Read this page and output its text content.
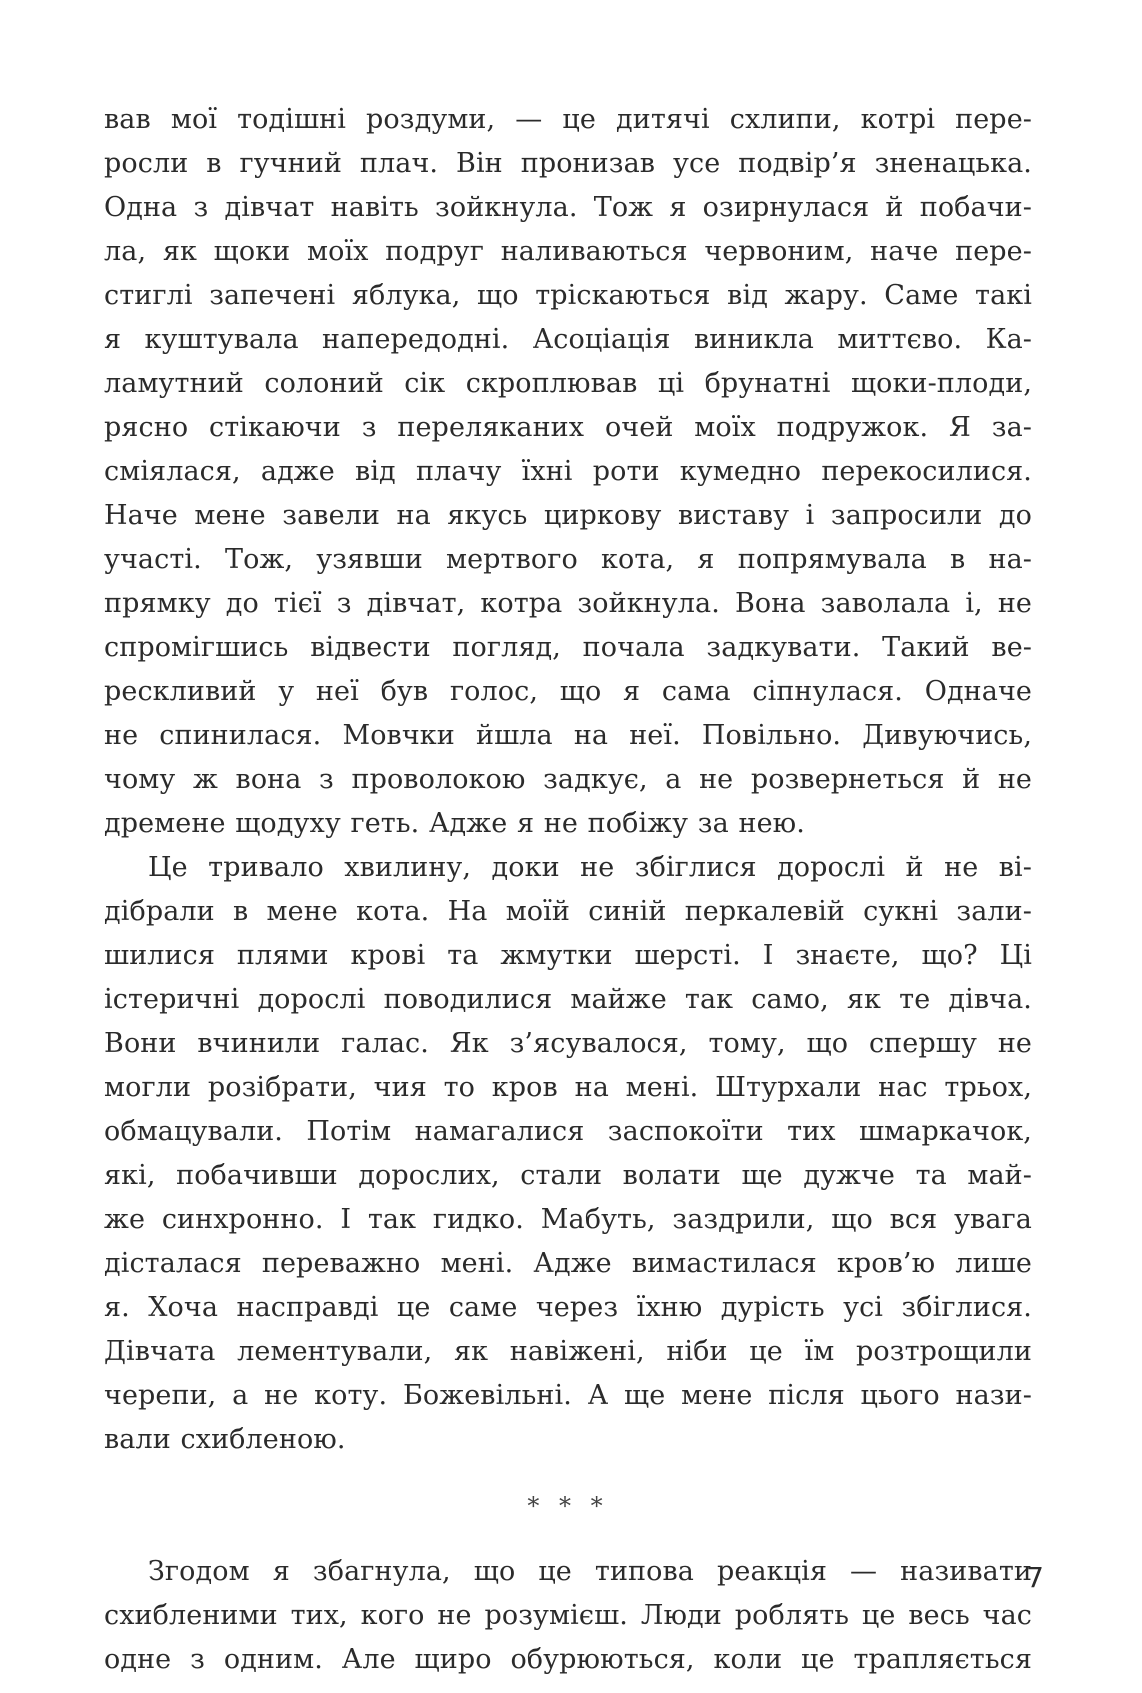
вав мої тодішні роздуми, — це дитячі схлипи, котрі пере-
росли в гучний плач. Він пронизав усе подвір’я зненацька.
Одна з дівчат навіть зойкнула. Тож я озирнулася й побачи-
ла, як щоки моїх подруг наливаються червоним, наче пере-
стиглі запечені яблука, що тріскаються від жару. Саме такі
я куштувала напередодні. Асоціація виникла миттєво. Ка-
ламутний солоний сік скроплював ці брунатні щоки-плоди,
рясно стікаючи з переляканих очей моїх подружок. Я за-
сміялася, адже від плачу їхні роти кумедно перекосилися.
Наче мене завели на якусь циркову виставу і запросили до
участі. Тож, узявши мертвого кота, я попрямувала в на-
прямку до тієї з дівчат, котра зойкнула. Вона заволала і, не
спромігшись відвести погляд, почала задкувати. Такий ве-
рескливий у неї був голос, що я сама сіпнулася. Одначе
не спинилася. Мовчки йшла на неї. Повільно. Дивуючись,
чому ж вона з проволокою задкує, а не розвернеться й не
дремене щодуху геть. Адже я не побіжу за нею.
Це тривало хвилину, доки не збіглися дорослі й не ві-
дібрали в мене кота. На моїй синій перкалевій сукні зали-
шилися плями крові та жмутки шерсті. І знаєте, що? Ці
істеричні дорослі поводилися майже так само, як те дівча.
Вони вчинили галас. Як з’ясувалося, тому, що спершу не
могли розібрати, чия то кров на мені. Штурхали нас трьох,
обмацували. Потім намагалися заспокоїти тих шмаркачок,
які, побачивши дорослих, стали волати ще дужче та май-
же синхронно. І так гидко. Мабуть, заздрили, що вся увага
дісталася переважно мені. Адже вимастилася кров’ю лише
я. Хоча насправді це саме через їхню дурість усі збіглися.
Дівчата лементували, як навіжені, ніби це їм розтрощили
черепи, а не коту. Божевільні. А ще мене після цього нази-
вали схибленою.
* * *
Згодом я збагнула, що це типова реакція — називати
схибленими тих, кого не розумієш. Люди роблять це весь час
одне з одним. Але щиро обурюються, коли це трапляється
7
